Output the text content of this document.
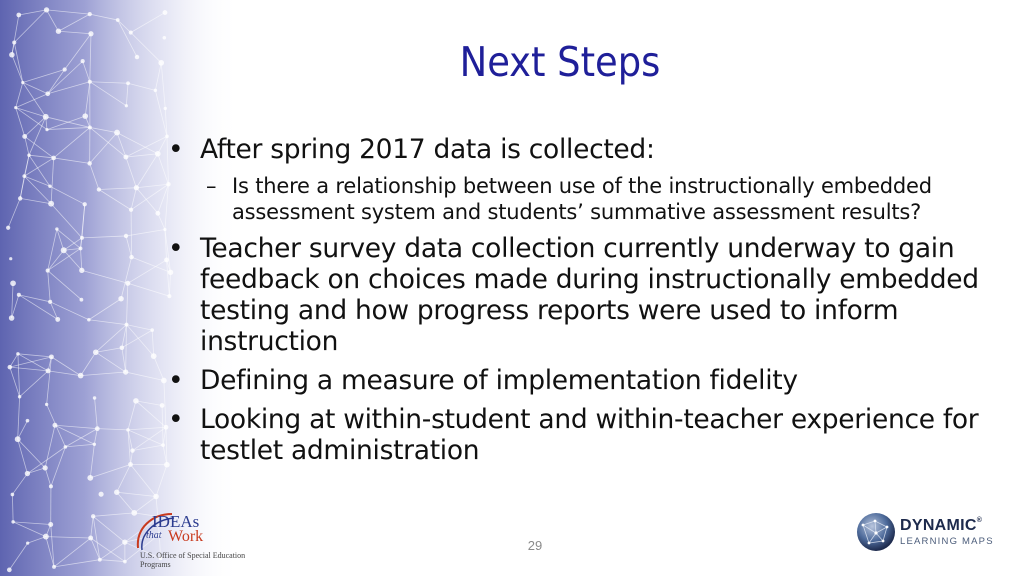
Next Steps
• After spring 2017 data is collected:
– Is there a relationship between use of the instructionally embedded assessment system and students’ summative assessment results?
• Teacher survey data collection currently underway to gain feedback on choices made during instructionally embedded testing and how progress reports were used to inform instruction
• Defining a measure of implementation fidelity
• Looking at within-student and within-teacher experience for testlet administration
29
IDEAs
that Work
U.S. Office of Special Education Programs
DYNAMIC®
LEARNING MAPS
